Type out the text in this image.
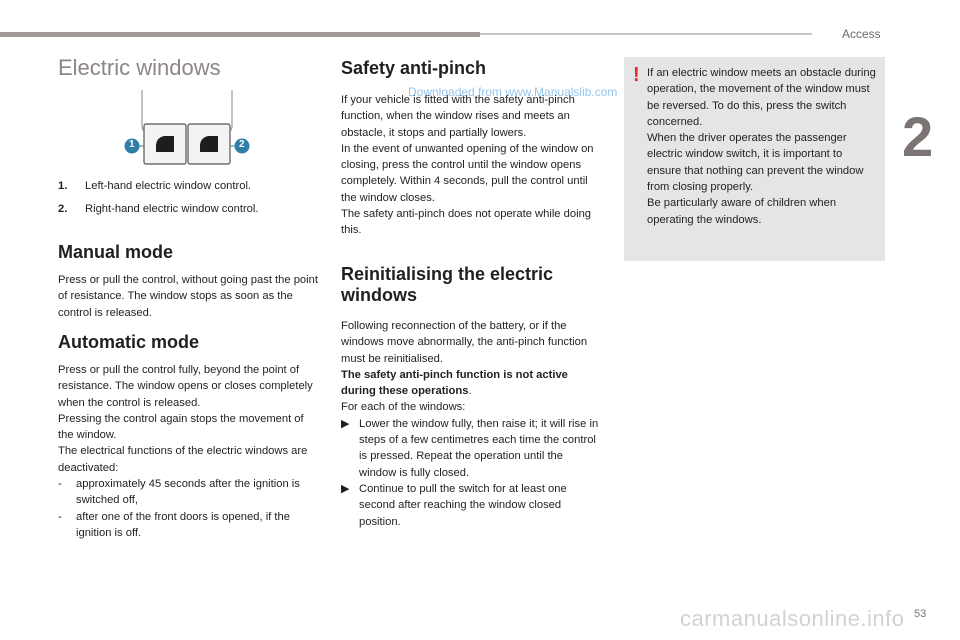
Access
2
Electric windows
1	2
1.	Left-hand electric window control.
2.	Right-hand electric window control.
Manual mode

Press or pull the control, without going past the point of resistance. The window stops as soon as the control is released.

Automatic mode

Press or pull the control fully, beyond the point of resistance. The window opens or closes completely when the control is released.

Pressing the control again stops the movement of the window.

The electrical functions of the electric windows are deactivated:

- approximately 45 seconds after the ignition is switched off,
- after one of the front doors is opened, if the ignition is off.
Safety anti-pinch

If your vehicle is fitted with the safety anti-pinch function, when the window rises and meets an obstacle, it stops and partially lowers.

In the event of unwanted opening of the window on closing, press the control until the window opens completely. Within 4 seconds, pull the control until the window closes.

The safety anti-pinch does not operate while doing this.

Downloaded from www.Manualslib.com
Reinitialising the electric
windows

Following reconnection of the battery, or if the windows move abnormally, the anti-pinch function must be reinitialised.

The safety anti-pinch function is not active during these operations.

For each of the windows:

▶ Lower the window fully, then raise it; it will rise in steps of a few centimetres each time the control is pressed. Repeat the operation until the window is fully closed.
▶ Continue to pull the switch for at least one second after reaching the window closed position.
! If an electric window meets an obstacle during operation, the movement of the window must be reversed. To do this, press the switch concerned.

When the driver operates the passenger electric window switch, it is important to ensure that nothing can prevent the window from closing properly.

Be particularly aware of children when operating the windows.

carmanualsonline.info 53
